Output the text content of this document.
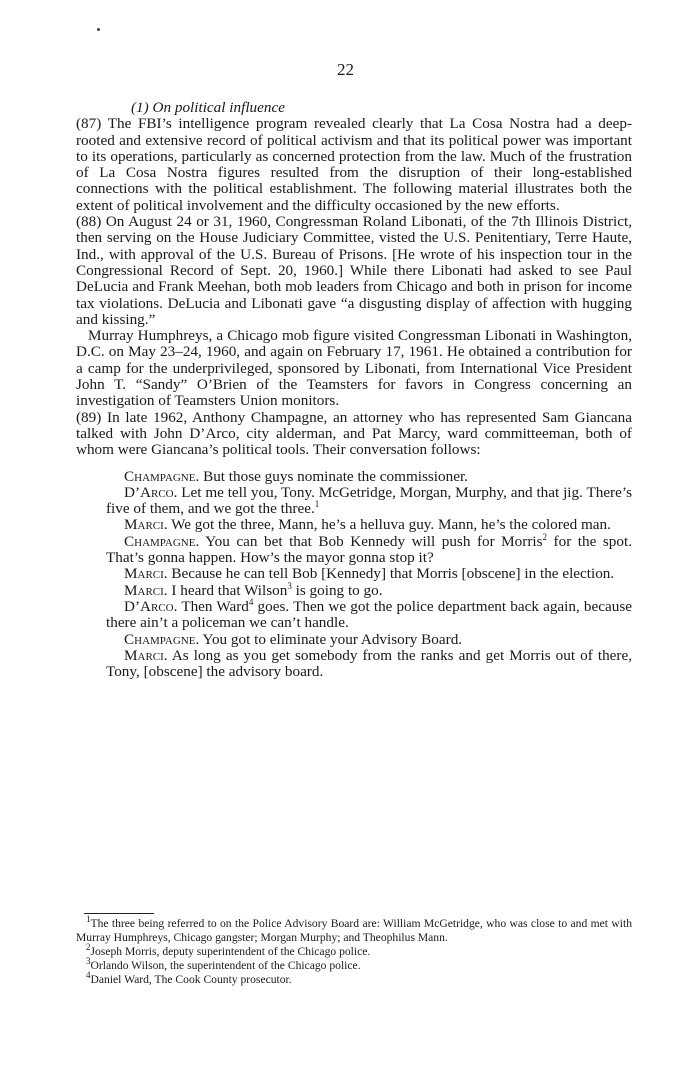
22

(1) On political influence

(87) The FBI’s intelligence program revealed clearly that La Cosa Nostra had a deep-rooted and extensive record of political activism and that its political power was important to its operations, particularly as concerned protection from the law. Much of the frustration of La Cosa Nostra figures resulted from the disruption of their long-established connections with the political establishment. The following material illustrates both the extent of political involvement and the difficulty occasioned by the new efforts.

(88) On August 24 or 31, 1960, Congressman Roland Libonati, of the 7th Illinois District, then serving on the House Judiciary Committee, visted the U.S. Penitentiary, Terre Haute, Ind., with approval of the U.S. Bureau of Prisons. [He wrote of his inspection tour in the Congressional Record of Sept. 20, 1960.] While there Libonati had asked to see Paul DeLucia and Frank Meehan, both mob leaders from Chicago and both in prison for income tax violations. DeLucia and Libonati gave “a disgusting display of affection with hugging and kissing.”

Murray Humphreys, a Chicago mob figure visited Congressman Libonati in Washington, D.C. on May 23–24, 1960, and again on February 17, 1961. He obtained a contribution for a camp for the underprivileged, sponsored by Libonati, from International Vice President John T. “Sandy” O’Brien of the Teamsters for favors in Congress concerning an investigation of Teamsters Union monitors.

(89) In late 1962, Anthony Champagne, an attorney who has represented Sam Giancana talked with John D’Arco, city alderman, and Pat Marcy, ward committeeman, both of whom were Giancana’s political tools. Their conversation follows:

Champagne. But those guys nominate the commissioner.

D’Arco. Let me tell you, Tony. McGetridge, Morgan, Murphy, and that jig. There’s five of them, and we got the three.$^1$

Marci. We got the three, Mann, he’s a helluva guy. Mann, he’s the colored man.

Champagne. You can bet that Bob Kennedy will push for Morris$^2$ for the spot. That’s gonna happen. How’s the mayor gonna stop it?

Marci. Because he can tell Bob [Kennedy] that Morris [obscene] in the election.

Marci. I heard that Wilson$^3$ is going to go.

D’Arco. Then Ward$^4$ goes. Then we got the police department back again, because there ain’t a policeman we can’t handle.

Champagne. You got to eliminate your Advisory Board.

Marci. As long as you get somebody from the ranks and get Morris out of there, Tony, [obscene] the advisory board.

$^1$The three being referred to on the Police Advisory Board are: William McGetridge, who was close to and met with Murray Humphreys, Chicago gangster; Morgan Murphy; and Theophilus Mann.

$^2$Joseph Morris, deputy superintendent of the Chicago police.

$^3$Orlando Wilson, the superintendent of the Chicago police.

$^4$Daniel Ward, The Cook County prosecutor.
